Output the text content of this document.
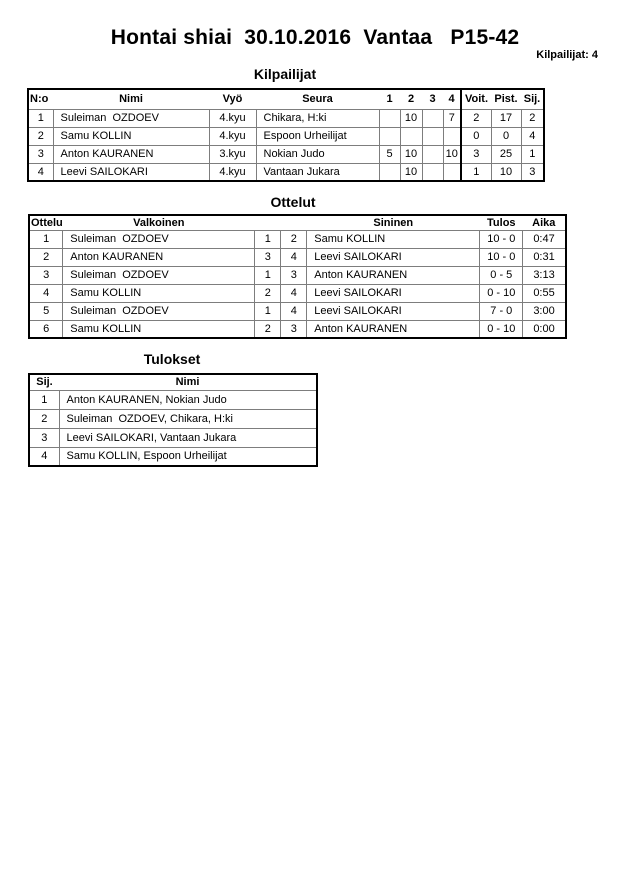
Hontai shiai  30.10.2016  Vantaa   P15-42
Kilpailijat: 4
Kilpailijat
N:o	Nimi	Vyö	Seura	1	2	3	4	Voit.	Pist.	Sij.
1	Suleiman  OZDOEV	4.kyu	Chikara, H:ki		10		7	2	17	2
2	Samu KOLLIN	4.kyu	Espoon Urheilijat					0	0	4
3	Anton KAURANEN	3.kyu	Nokian Judo	5	10		10	3	25	1
4	Leevi SAILOKARI	4.kyu	Vantaan Jukara		10			1	10	3
Ottelut
Ottelu	Valkoinen			Sininen	Tulos	Aika
1	Suleiman  OZDOEV	1	2	Samu KOLLIN	10 - 0	0:47
2	Anton KAURANEN	3	4	Leevi SAILOKARI	10 - 0	0:31
3	Suleiman  OZDOEV	1	3	Anton KAURANEN	0 - 5	3:13
4	Samu KOLLIN	2	4	Leevi SAILOKARI	0 - 10	0:55
5	Suleiman  OZDOEV	1	4	Leevi SAILOKARI	7 - 0	3:00
6	Samu KOLLIN	2	3	Anton KAURANEN	0 - 10	0:00
Tulokset
Sij.	Nimi
1	Anton KAURANEN, Nokian Judo
2	Suleiman  OZDOEV, Chikara, H:ki
3	Leevi SAILOKARI, Vantaan Jukara
4	Samu KOLLIN, Espoon Urheilijat
